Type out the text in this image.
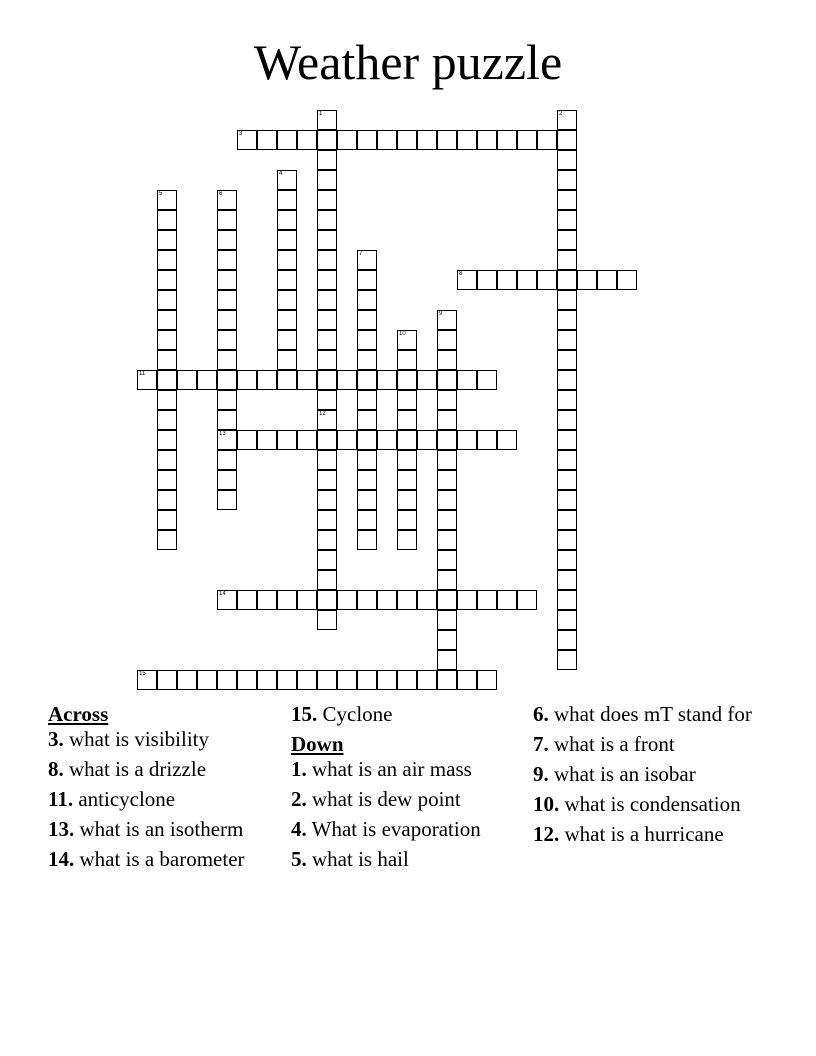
Weather puzzle
1
12
2
3
4
5	6
13
7
8
9
10
11
14
15
Across
3. what is visibility
8. what is a drizzle
11. anticyclone
13. what is an isotherm
14. what is a barometer
15. Cyclone
Down
1. what is an air mass
2. what is dew point
4. What is evaporation
5. what is hail
6. what does mT stand for
7. what is a front
9. what is an isobar
10. what is condensation
12. what is a hurricane
